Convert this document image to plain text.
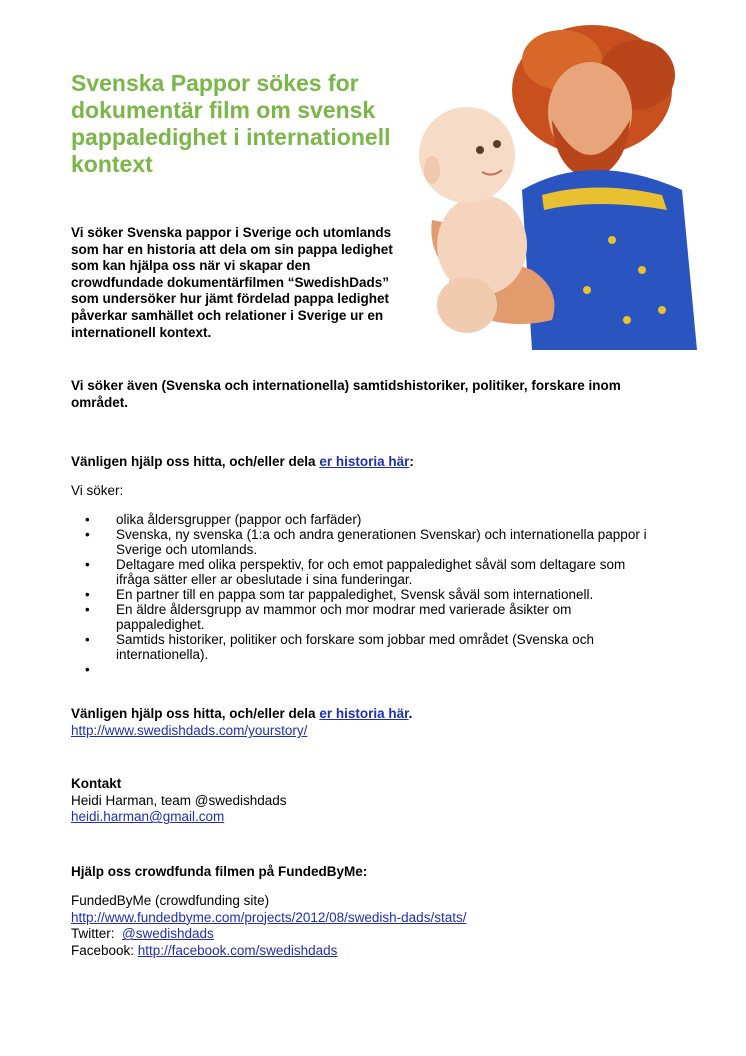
Svenska Pappor sökes for dokumentär film om svensk pappaledighet i internationell kontext

Vi söker Svenska pappor i Sverige och utomlands som har en historia att dela om sin pappa ledighet som kan hjälpa oss när vi skapar den crowdfundade dokumentärfilmen “SwedishDads” som undersöker hur jämt fördelad pappa ledighet påverkar samhället och relationer i Sverige ur en internationell kontext.

Vi söker även (Svenska och internationella) samtidshistoriker, politiker, forskare inom området.

Vänligen hjälp oss hitta, och/eller dela er historia här:

Vi söker:

• olika åldersgrupper (pappor och farfäder)
• Svenska, ny svenska (1:a och andra generationen Svenskar) och internationella pappor i Sverige och utomlands.
• Deltagare med olika perspektiv, for och emot pappaledighet såväl som deltagare som ifråga sätter eller ar obeslutade i sina funderingar.
• En partner till en pappa som tar pappaledighet, Svensk såväl som internationell.
• En äldre åldersgrupp av mammor och mor modrar med varierade åsikter om pappaledighet.
• Samtids historiker, politiker och forskare som jobbar med området (Svenska och internationella).
•

Vänligen hjälp oss hitta, och/eller dela er historia här.

http://www.swedishdads.com/yourstory/

Kontakt
Heidi Harman, team @swedishdads
heidi.harman@gmail.com

Hjälp oss crowdfunda filmen på FundedByMe:

FundedByMe (crowdfunding site)
http://www.fundedbyme.com/projects/2012/08/swedish-dads/stats/
Twitter:  @swedishdads
Facebook: http://facebook.com/swedishdads
